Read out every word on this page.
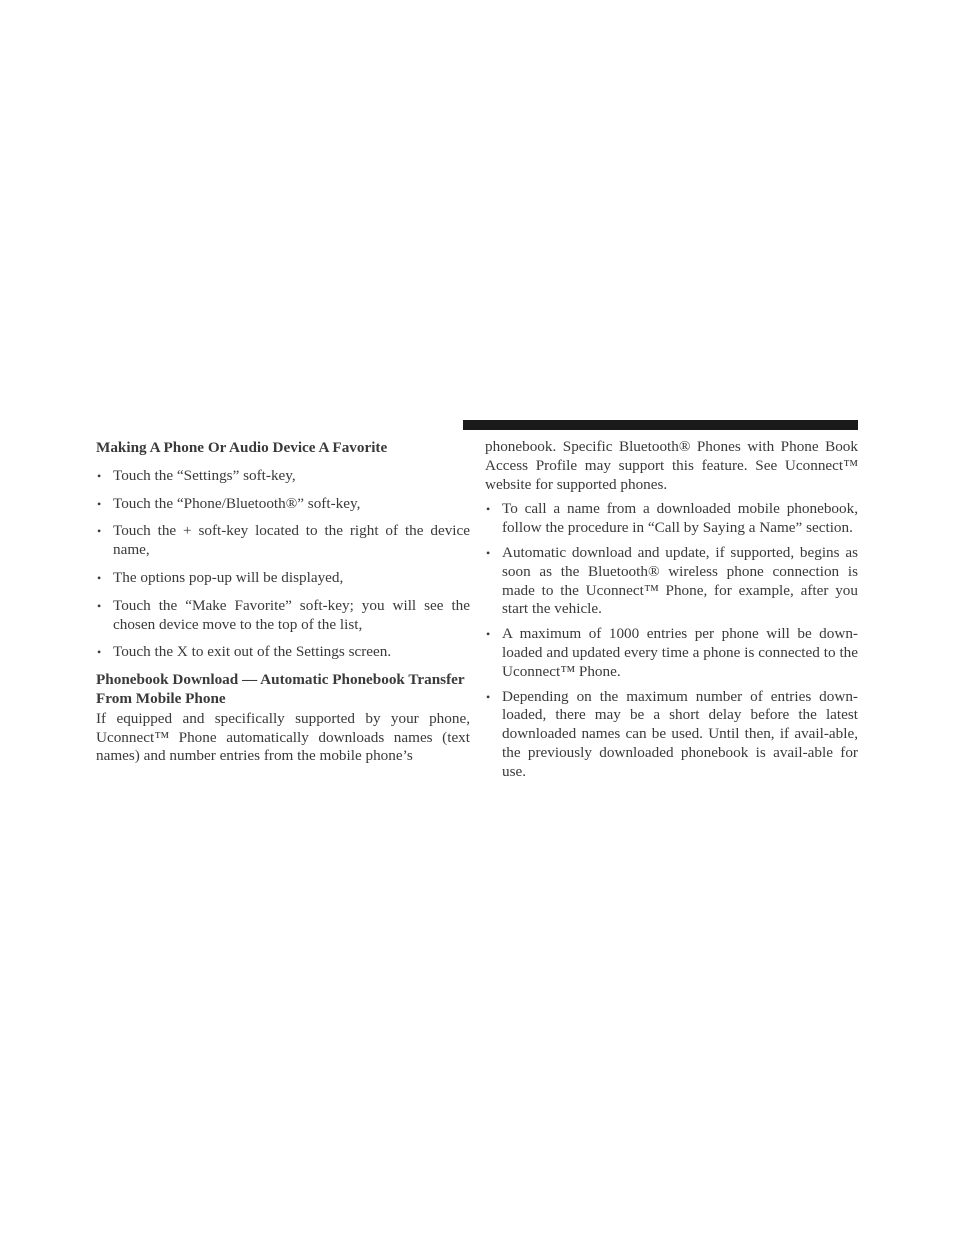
Making A Phone Or Audio Device A Favorite
• Touch the “Settings” soft-key,
• Touch the “Phone/Bluetooth®” soft-key,
• Touch the + soft-key located to the right of the device name,
• The options pop-up will be displayed,
• Touch the “Make Favorite” soft-key; you will see the chosen device move to the top of the list,
• Touch the X to exit out of the Settings screen.
Phonebook Download — Automatic Phonebook Transfer From Mobile Phone

If equipped and specifically supported by your phone, Uconnect™ Phone automatically downloads names (text names) and number entries from the mobile phone’s

phonebook. Specific Bluetooth® Phones with Phone Book Access Profile may support this feature. See Uconnect™ website for supported phones.

• To call a name from a downloaded mobile phonebook, follow the procedure in “Call by Saying a Name” section.
• Automatic download and update, if supported, begins as soon as the Bluetooth® wireless phone connection is made to the Uconnect™ Phone, for example, after you start the vehicle.
• A maximum of 1000 entries per phone will be down-loaded and updated every time a phone is connected to the Uconnect™ Phone.
• Depending on the maximum number of entries down-loaded, there may be a short delay before the latest downloaded names can be used. Until then, if avail-able, the previously downloaded phonebook is avail-able for use.
